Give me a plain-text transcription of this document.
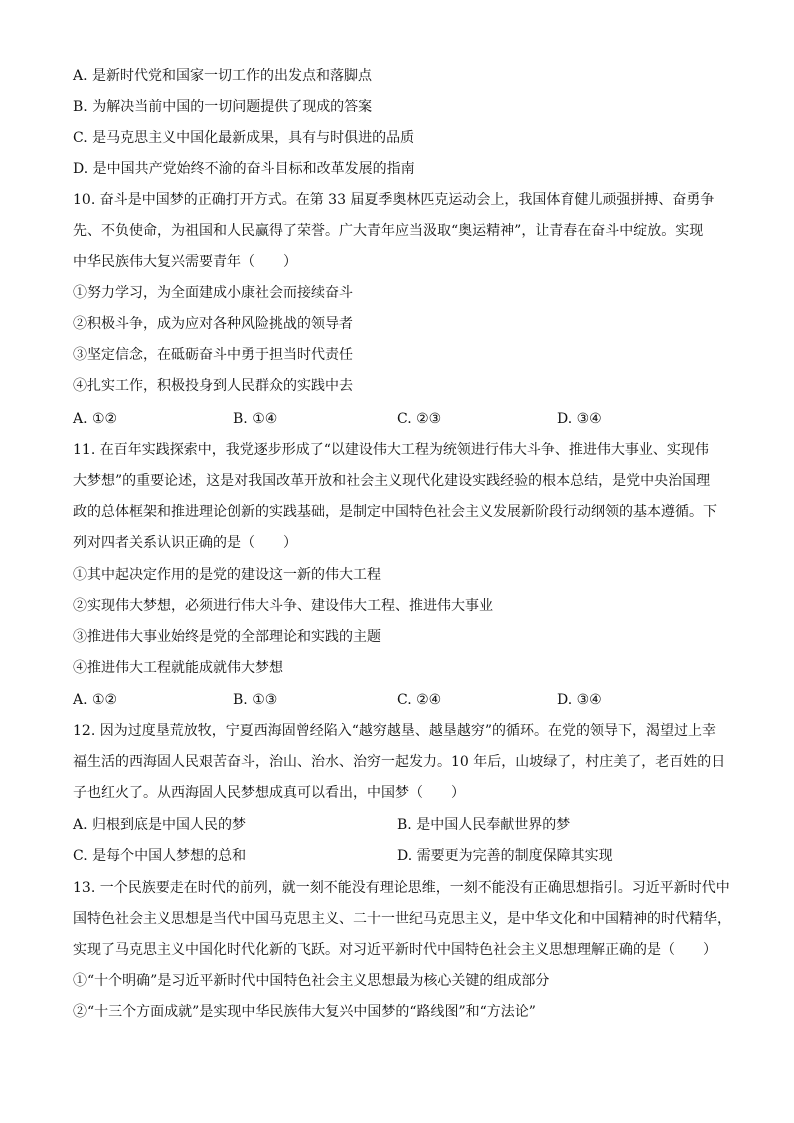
A. 是新时代党和国家一切工作的出发点和落脚点
B. 为解决当前中国的一切问题提供了现成的答案
C. 是马克思主义中国化最新成果，具有与时俱进的品质
D. 是中国共产党始终不渝的奋斗目标和改革发展的指南
10. 奋斗是中国梦的正确打开方式。在第 33 届夏季奥林匹克运动会上，我国体育健儿顽强拼搏、奋勇争
先、不负使命，为祖国和人民赢得了荣誉。广大青年应当汲取“奥运精神”，让青春在奋斗中绽放。实现
中华民族伟大复兴需要青年（　　）
①努力学习，为全面建成小康社会而接续奋斗
②积极斗争，成为应对各种风险挑战的领导者
③坚定信念，在砥砺奋斗中勇于担当时代责任
④扎实工作，积极投身到人民群众的实践中去
A. ①②	B. ①④	C. ②③	D. ③④
11. 在百年实践探索中，我党逐步形成了“以建设伟大工程为统领进行伟大斗争、推进伟大事业、实现伟
大梦想”的重要论述，这是对我国改革开放和社会主义现代化建设实践经验的根本总结，是党中央治国理
政的总体框架和推进理论创新的实践基础，是制定中国特色社会主义发展新阶段行动纲领的基本遵循。下
列对四者关系认识正确的是（　　）
①其中起决定作用的是党的建设这一新的伟大工程
②实现伟大梦想，必须进行伟大斗争、建设伟大工程、推进伟大事业
③推进伟大事业始终是党的全部理论和实践的主题
④推进伟大工程就能成就伟大梦想
A. ①②	B. ①③	C. ②④	D. ③④
12. 因为过度垦荒放牧，宁夏西海固曾经陷入“越穷越垦、越垦越穷”的循环。在党的领导下，渴望过上幸
福生活的西海固人民艰苦奋斗，治山、治水、治穷一起发力。10 年后，山坡绿了，村庄美了，老百姓的日
子也红火了。从西海固人民梦想成真可以看出，中国梦（　　）
A. 归根到底是中国人民的梦	B. 是中国人民奉献世界的梦
C. 是每个中国人梦想的总和	D. 需要更为完善的制度保障其实现
13. 一个民族要走在时代的前列，就一刻不能没有理论思维，一刻不能没有正确思想指引。习近平新时代中
国特色社会主义思想是当代中国马克思主义、二十一世纪马克思主义，是中华文化和中国精神的时代精华，
实现了马克思主义中国化时代化新的飞跃。对习近平新时代中国特色社会主义思想理解正确的是（　　）
①“十个明确”是习近平新时代中国特色社会主义思想最为核心关键的组成部分
②“十三个方面成就”是实现中华民族伟大复兴中国梦的“路线图”和“方法论”
